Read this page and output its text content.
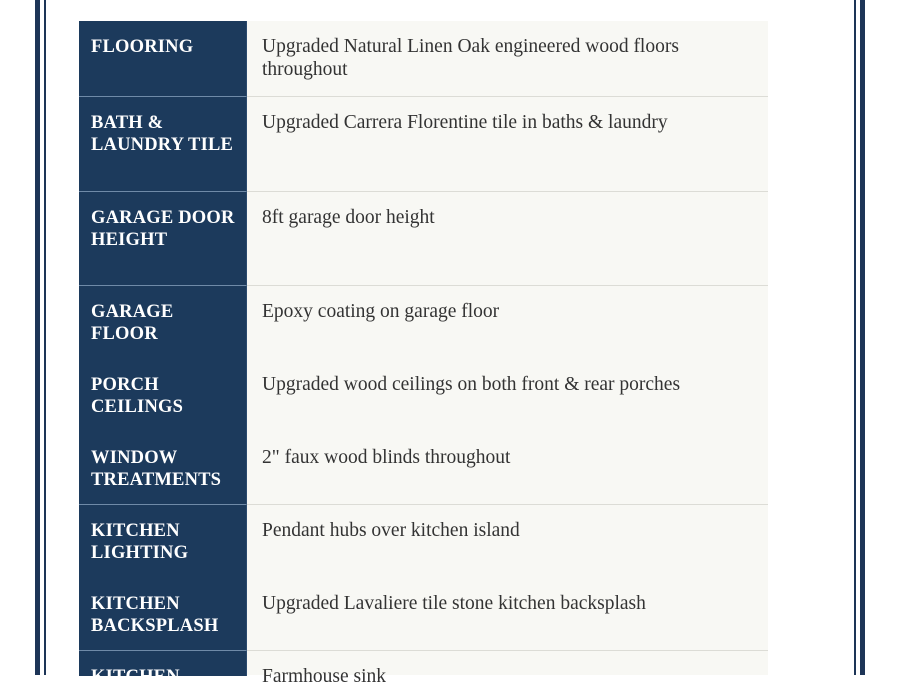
FLOORING	Upgraded Natural Linen Oak engineered wood floors throughout
BATH & LAUNDRY TILE
Upgraded Carrera Florentine tile in baths & laundry
GARAGE DOOR HEIGHT
8ft garage door height
GARAGE FLOOR
Epoxy coating on garage floor
PORCH CEILINGS
Upgraded wood ceilings on both front & rear porches
WINDOW TREATMENTS
2" faux wood blinds throughout
KITCHEN LIGHTING
Pendant hubs over kitchen island
KITCHEN BACKSPLASH
Upgraded Lavaliere tile stone kitchen backsplash
KITCHEN	Farmhouse sink
